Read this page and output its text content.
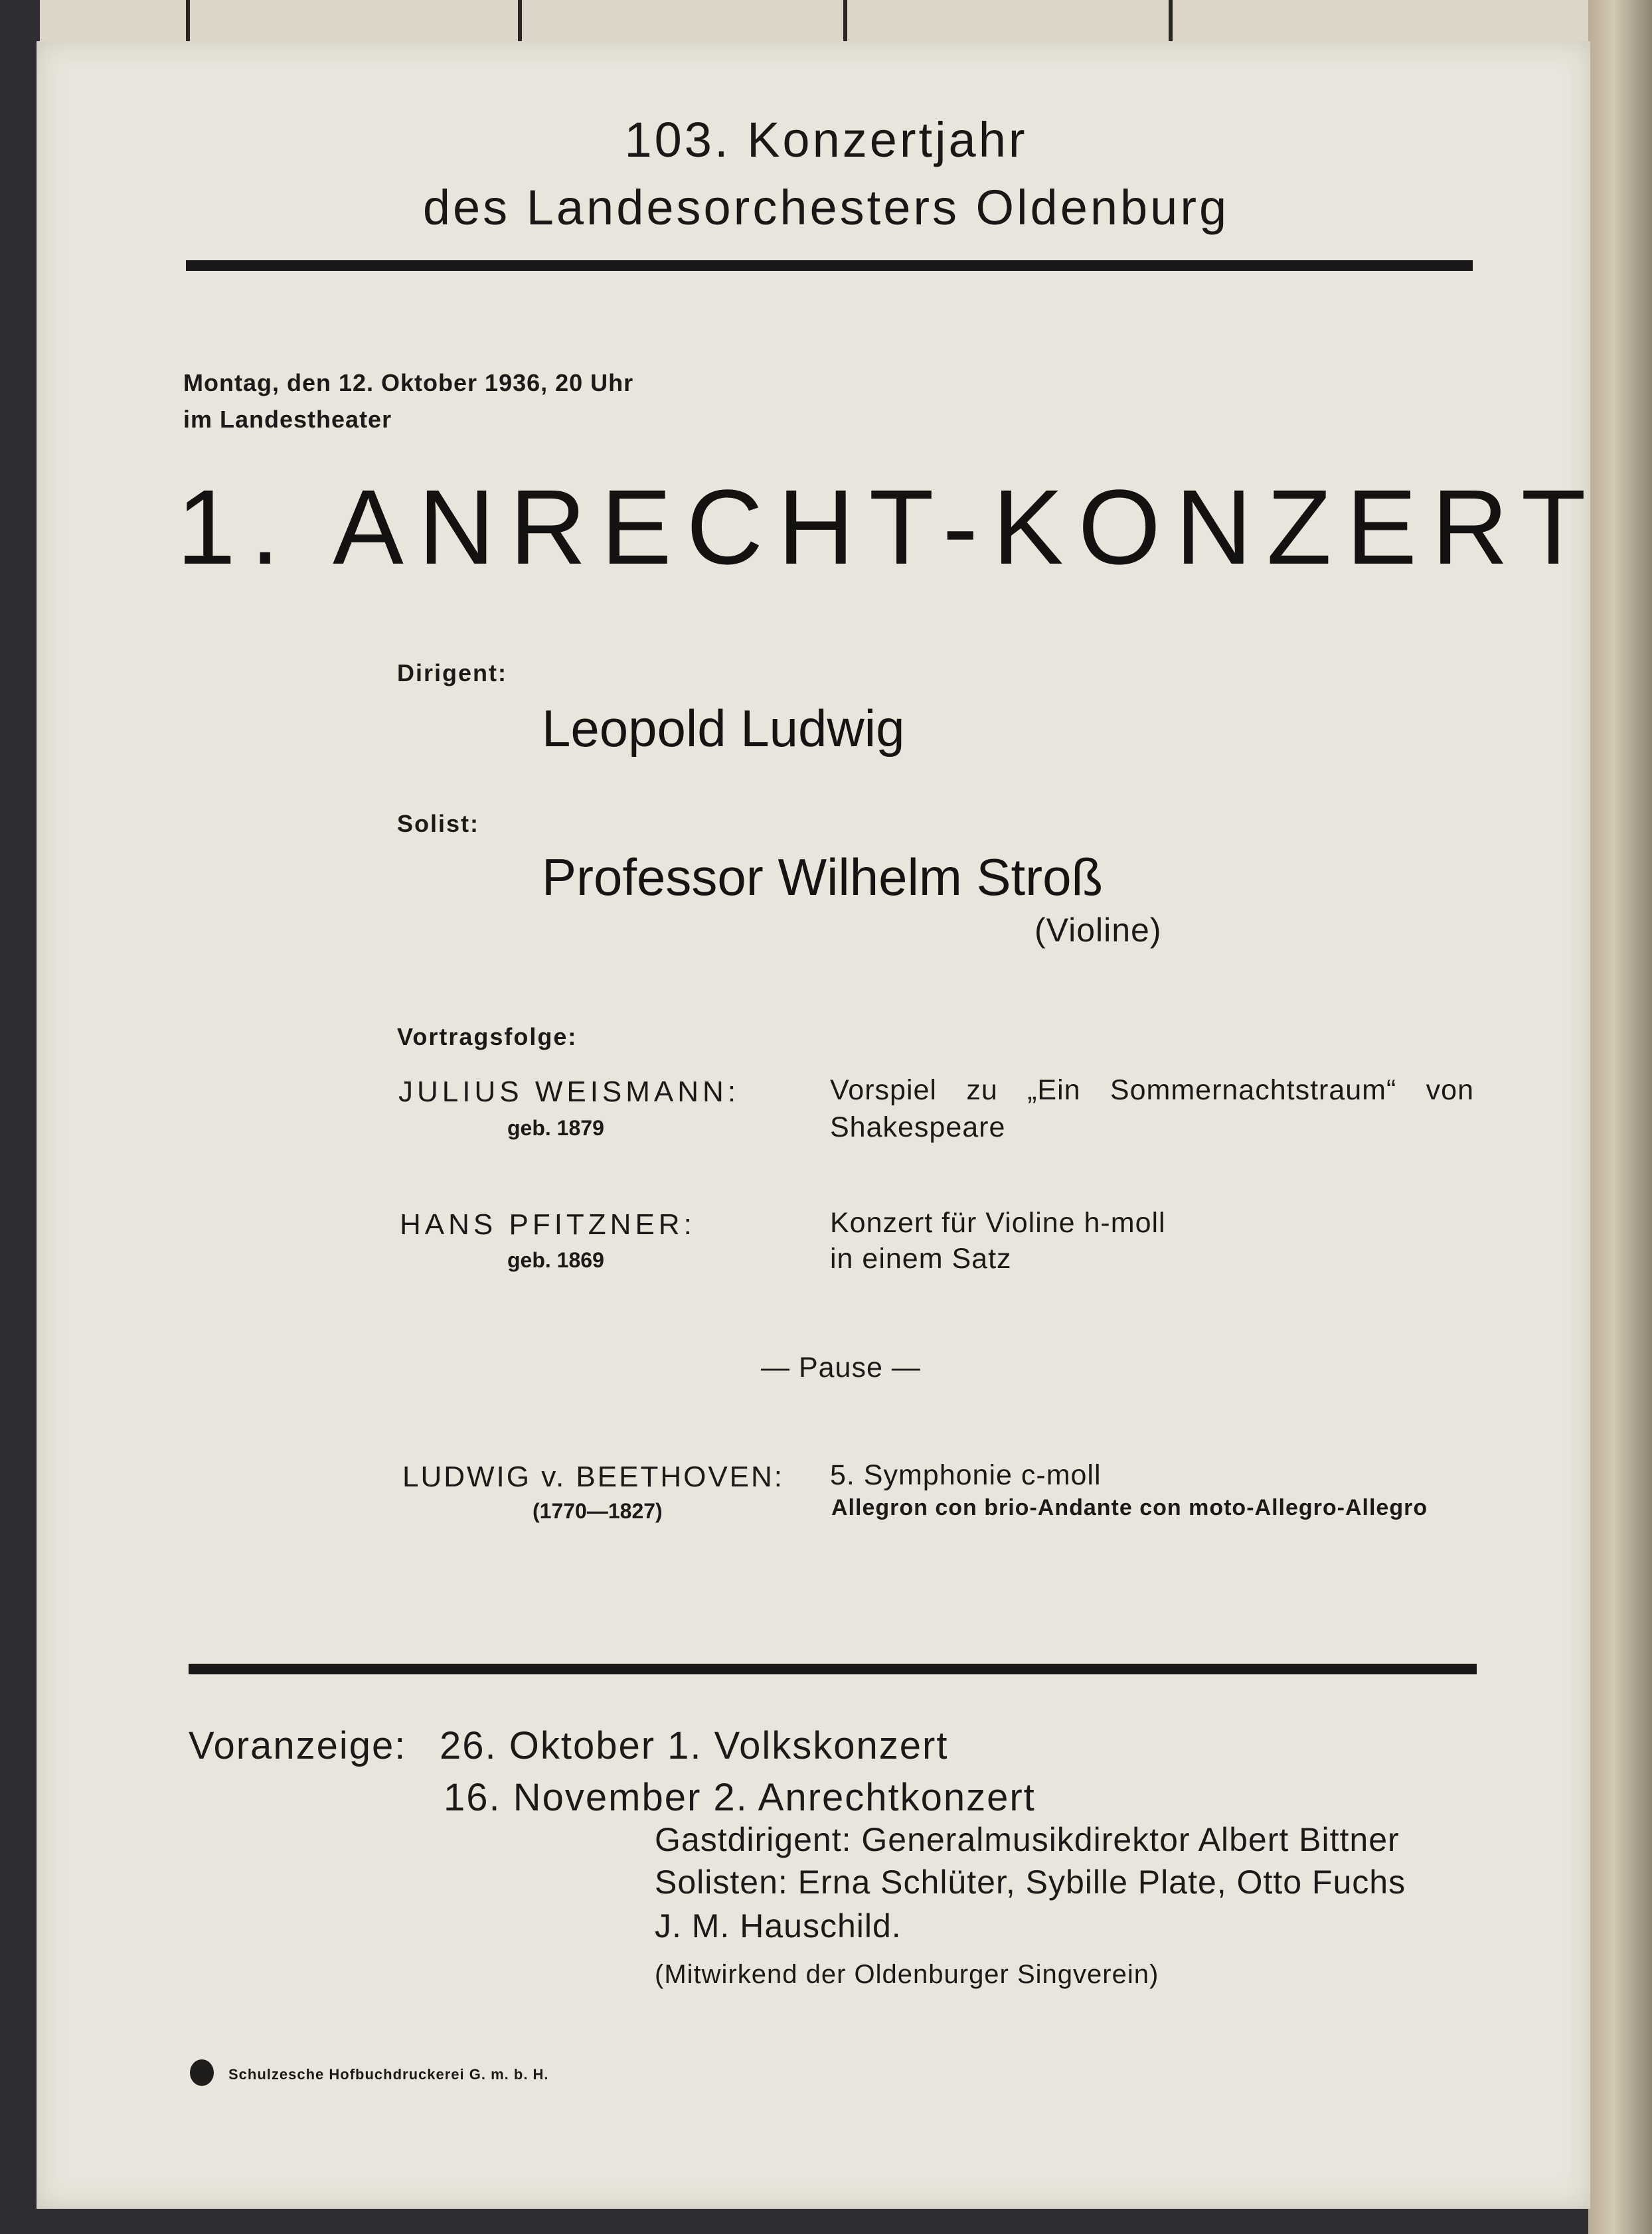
103. Konzertjahr
des Landesorchesters Oldenburg
Montag, den 12. Oktober 1936, 20 Uhr
im Landestheater
1. ANRECHT-KONZERT
Dirigent:
Leopold Ludwig
Solist:
Professor Wilhelm Stroß
(Violine)
Vortragsfolge:
JULIUS WEISMANN:
geb. 1879
Vorspiel zu „Ein Sommernachtstraum“ von
Shakespeare
HANS PFITZNER:
geb. 1869
Konzert für Violine h-moll
in einem Satz
— Pause —
LUDWIG v. BEETHOVEN:
(1770—1827)
5. Symphonie c-moll
Allegron con brio-Andante con moto-Allegro-Allegro
Voranzeige: 26. Oktober 1. Volkskonzert
16. November 2. Anrechtkonzert
Gastdirigent: Generalmusikdirektor Albert Bittner
Solisten: Erna Schlüter, Sybille Plate, Otto Fuchs
J. M. Hauschild.
(Mitwirkend der Oldenburger Singverein)
Schulzesche Hofbuchdruckerei G. m. b. H.
